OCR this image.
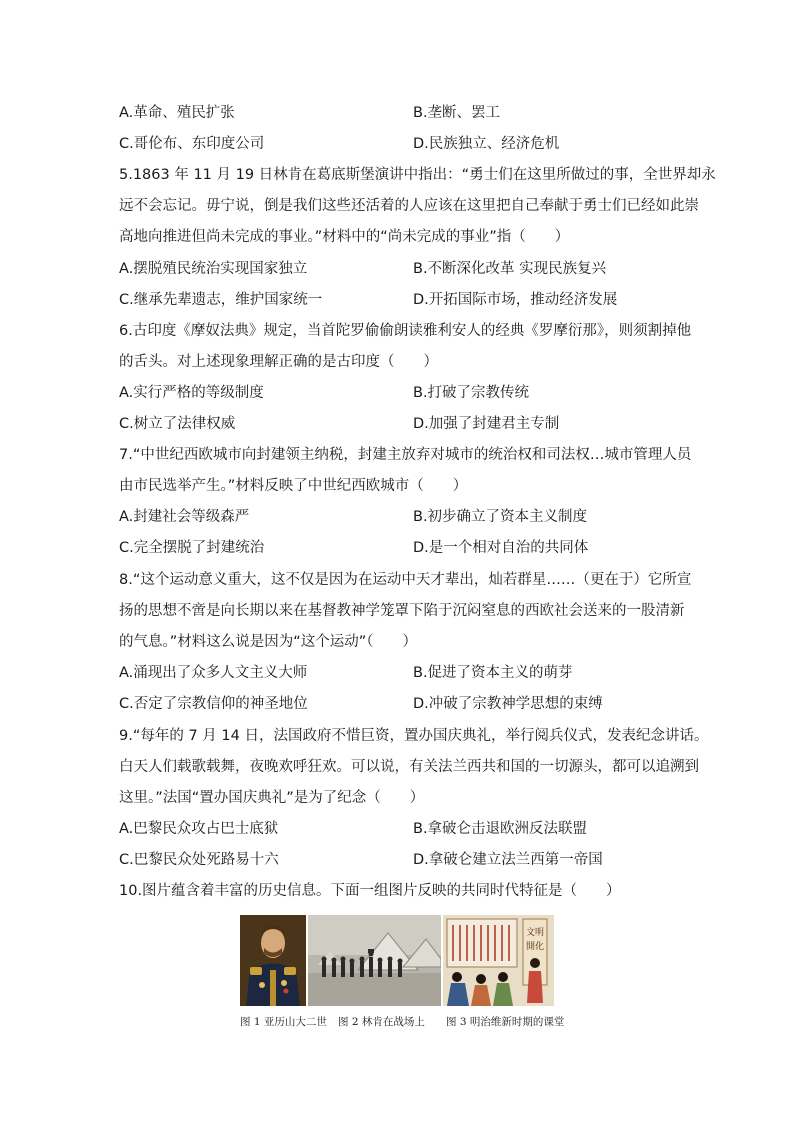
A.革命、殖民扩张	B.垄断、罢工
C.哥伦布、东印度公司	D.民族独立、经济危机
5.1863 年 11 月 19 日林肯在葛底斯堡演讲中指出：“勇士们在这里所做过的事，全世界却永
远不会忘记。毋宁说，倒是我们这些还活着的人应该在这里把自己奉献于勇士们已经如此崇
高地向推进但尚未完成的事业。”材料中的“尚未完成的事业”指（　　）
A.摆脱殖民统治实现国家独立	B.不断深化改革 实现民族复兴
C.继承先辈遗志，维护国家统一	D.开拓国际市场，推动经济发展
6.古印度《摩奴法典》规定，当首陀罗偷偷朗读雅利安人的经典《罗摩衍那》，则须割掉他
的舌头。对上述现象理解正确的是古印度（　　）
A.实行严格的等级制度	B.打破了宗教传统
C.树立了法律权威	D.加强了封建君主专制
7.“中世纪西欧城市向封建领主纳税，封建主放弃对城市的统治权和司法权…城市管理人员
由市民选举产生。”材料反映了中世纪西欧城市（　　）
A.封建社会等级森严	B.初步确立了资本主义制度
C.完全摆脱了封建统治	D.是一个相对自治的共同体
8.“这个运动意义重大，这不仅是因为在运动中天才辈出，灿若群星……（更在于）它所宣
扬的思想不啻是向长期以来在基督教神学笼罩下陷于沉闷窒息的西欧社会送来的一股清新
的气息。”材料这么说是因为“这个运动”（　　）
A.涌现出了众多人文主义大师	B.促进了资本主义的萌芽
C.否定了宗教信仰的神圣地位	D.冲破了宗教神学思想的束缚
9.“每年的 7 月 14 日，法国政府不惜巨资，置办国庆典礼，举行阅兵仪式，发表纪念讲话。
白天人们载歌载舞，夜晚欢呼狂欢。可以说，有关法兰西共和国的一切源头，都可以追溯到
这里。”法国“置办国庆典礼”是为了纪念（　　）
A.巴黎民众攻占巴士底狱	B.拿破仑击退欧洲反法联盟
C.巴黎民众处死路易十六	D.拿破仑建立法兰西第一帝国
10.图片蕴含着丰富的历史信息。下面一组图片反映的共同时代特征是（　　）
文明
開化
图 1 亚历山大二世 图 2 林肯在战场上 图 3 明治维新时期的课堂
